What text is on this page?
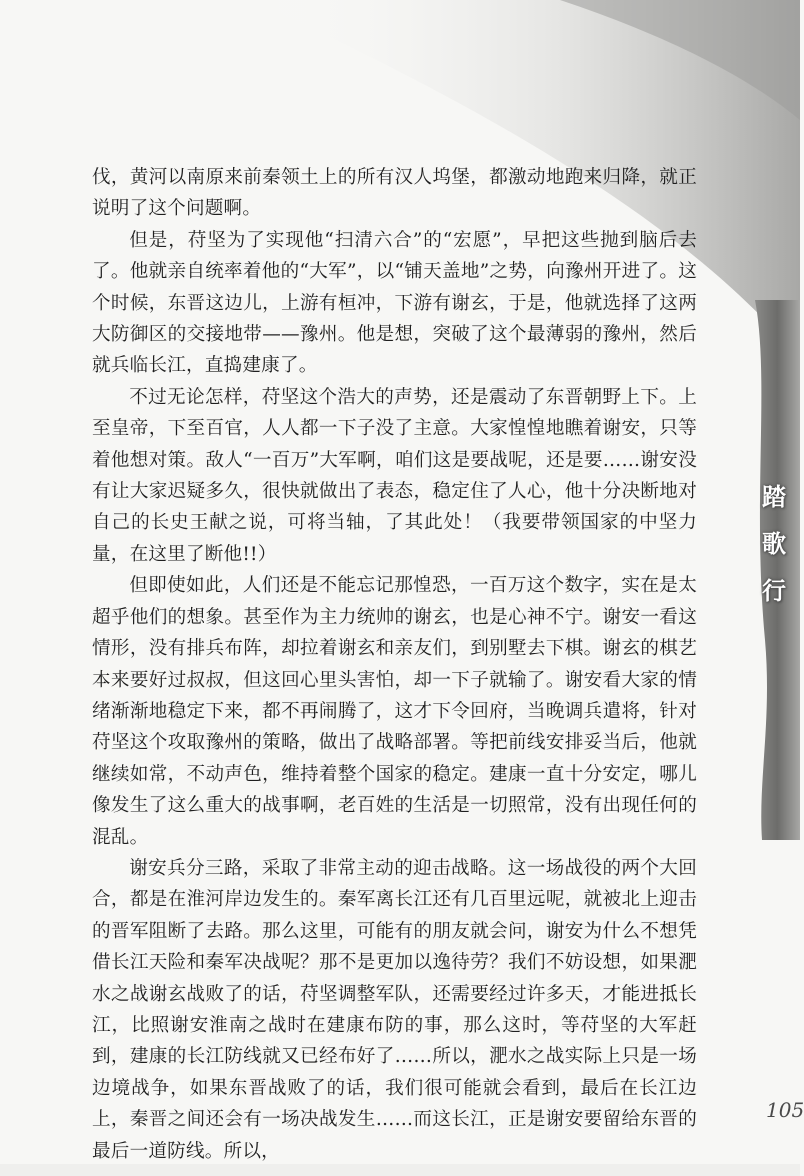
伐，黄河以南原来前秦领土上的所有汉人坞堡，都激动地跑来归降，就正说明了这个问题啊。

但是，苻坚为了实现他“扫清六合”的“宏愿”，早把这些抛到脑后去了。他就亲自统率着他的“大军”，以“铺天盖地”之势，向豫州开进了。这个时候，东晋这边儿，上游有桓冲，下游有谢玄，于是，他就选择了这两大防御区的交接地带——豫州。他是想，突破了这个最薄弱的豫州，然后就兵临长江，直捣建康了。

不过无论怎样，苻坚这个浩大的声势，还是震动了东晋朝野上下。上至皇帝，下至百官，人人都一下子没了主意。大家惶惶地瞧着谢安，只等着他想对策。敌人“一百万”大军啊，咱们这是要战呢，还是要……谢安没有让大家迟疑多久，很快就做出了表态，稳定住了人心，他十分决断地对自己的长史王献之说，可将当轴，了其此处！（我要带领国家的中坚力量，在这里了断他!!）

但即使如此，人们还是不能忘记那惶恐，一百万这个数字，实在是太超乎他们的想象。甚至作为主力统帅的谢玄，也是心神不宁。谢安一看这情形，没有排兵布阵，却拉着谢玄和亲友们，到别墅去下棋。谢玄的棋艺本来要好过叔叔，但这回心里头害怕，却一下子就输了。谢安看大家的情绪渐渐地稳定下来，都不再闹腾了，这才下令回府，当晚调兵遣将，针对苻坚这个攻取豫州的策略，做出了战略部署。等把前线安排妥当后，他就继续如常，不动声色，维持着整个国家的稳定。建康一直十分安定，哪儿像发生了这么重大的战事啊，老百姓的生活是一切照常，没有出现任何的混乱。

谢安兵分三路，采取了非常主动的迎击战略。这一场战役的两个大回合，都是在淮河岸边发生的。秦军离长江还有几百里远呢，就被北上迎击的晋军阻断了去路。那么这里，可能有的朋友就会问，谢安为什么不想凭借长江天险和秦军决战呢？那不是更加以逸待劳？我们不妨设想，如果淝水之战谢玄战败了的话，苻坚调整军队，还需要经过许多天，才能进抵长江，比照谢安淮南之战时在建康布防的事，那么这时，等苻坚的大军赶到，建康的长江防线就又已经布好了……所以，淝水之战实际上只是一场边境战争，如果东晋战败了的话，我们很可能就会看到，最后在长江边上，秦晋之间还会有一场决战发生……而这长江，正是谢安要留给东晋的最后一道防线。所以，

踏
歌
行
105
